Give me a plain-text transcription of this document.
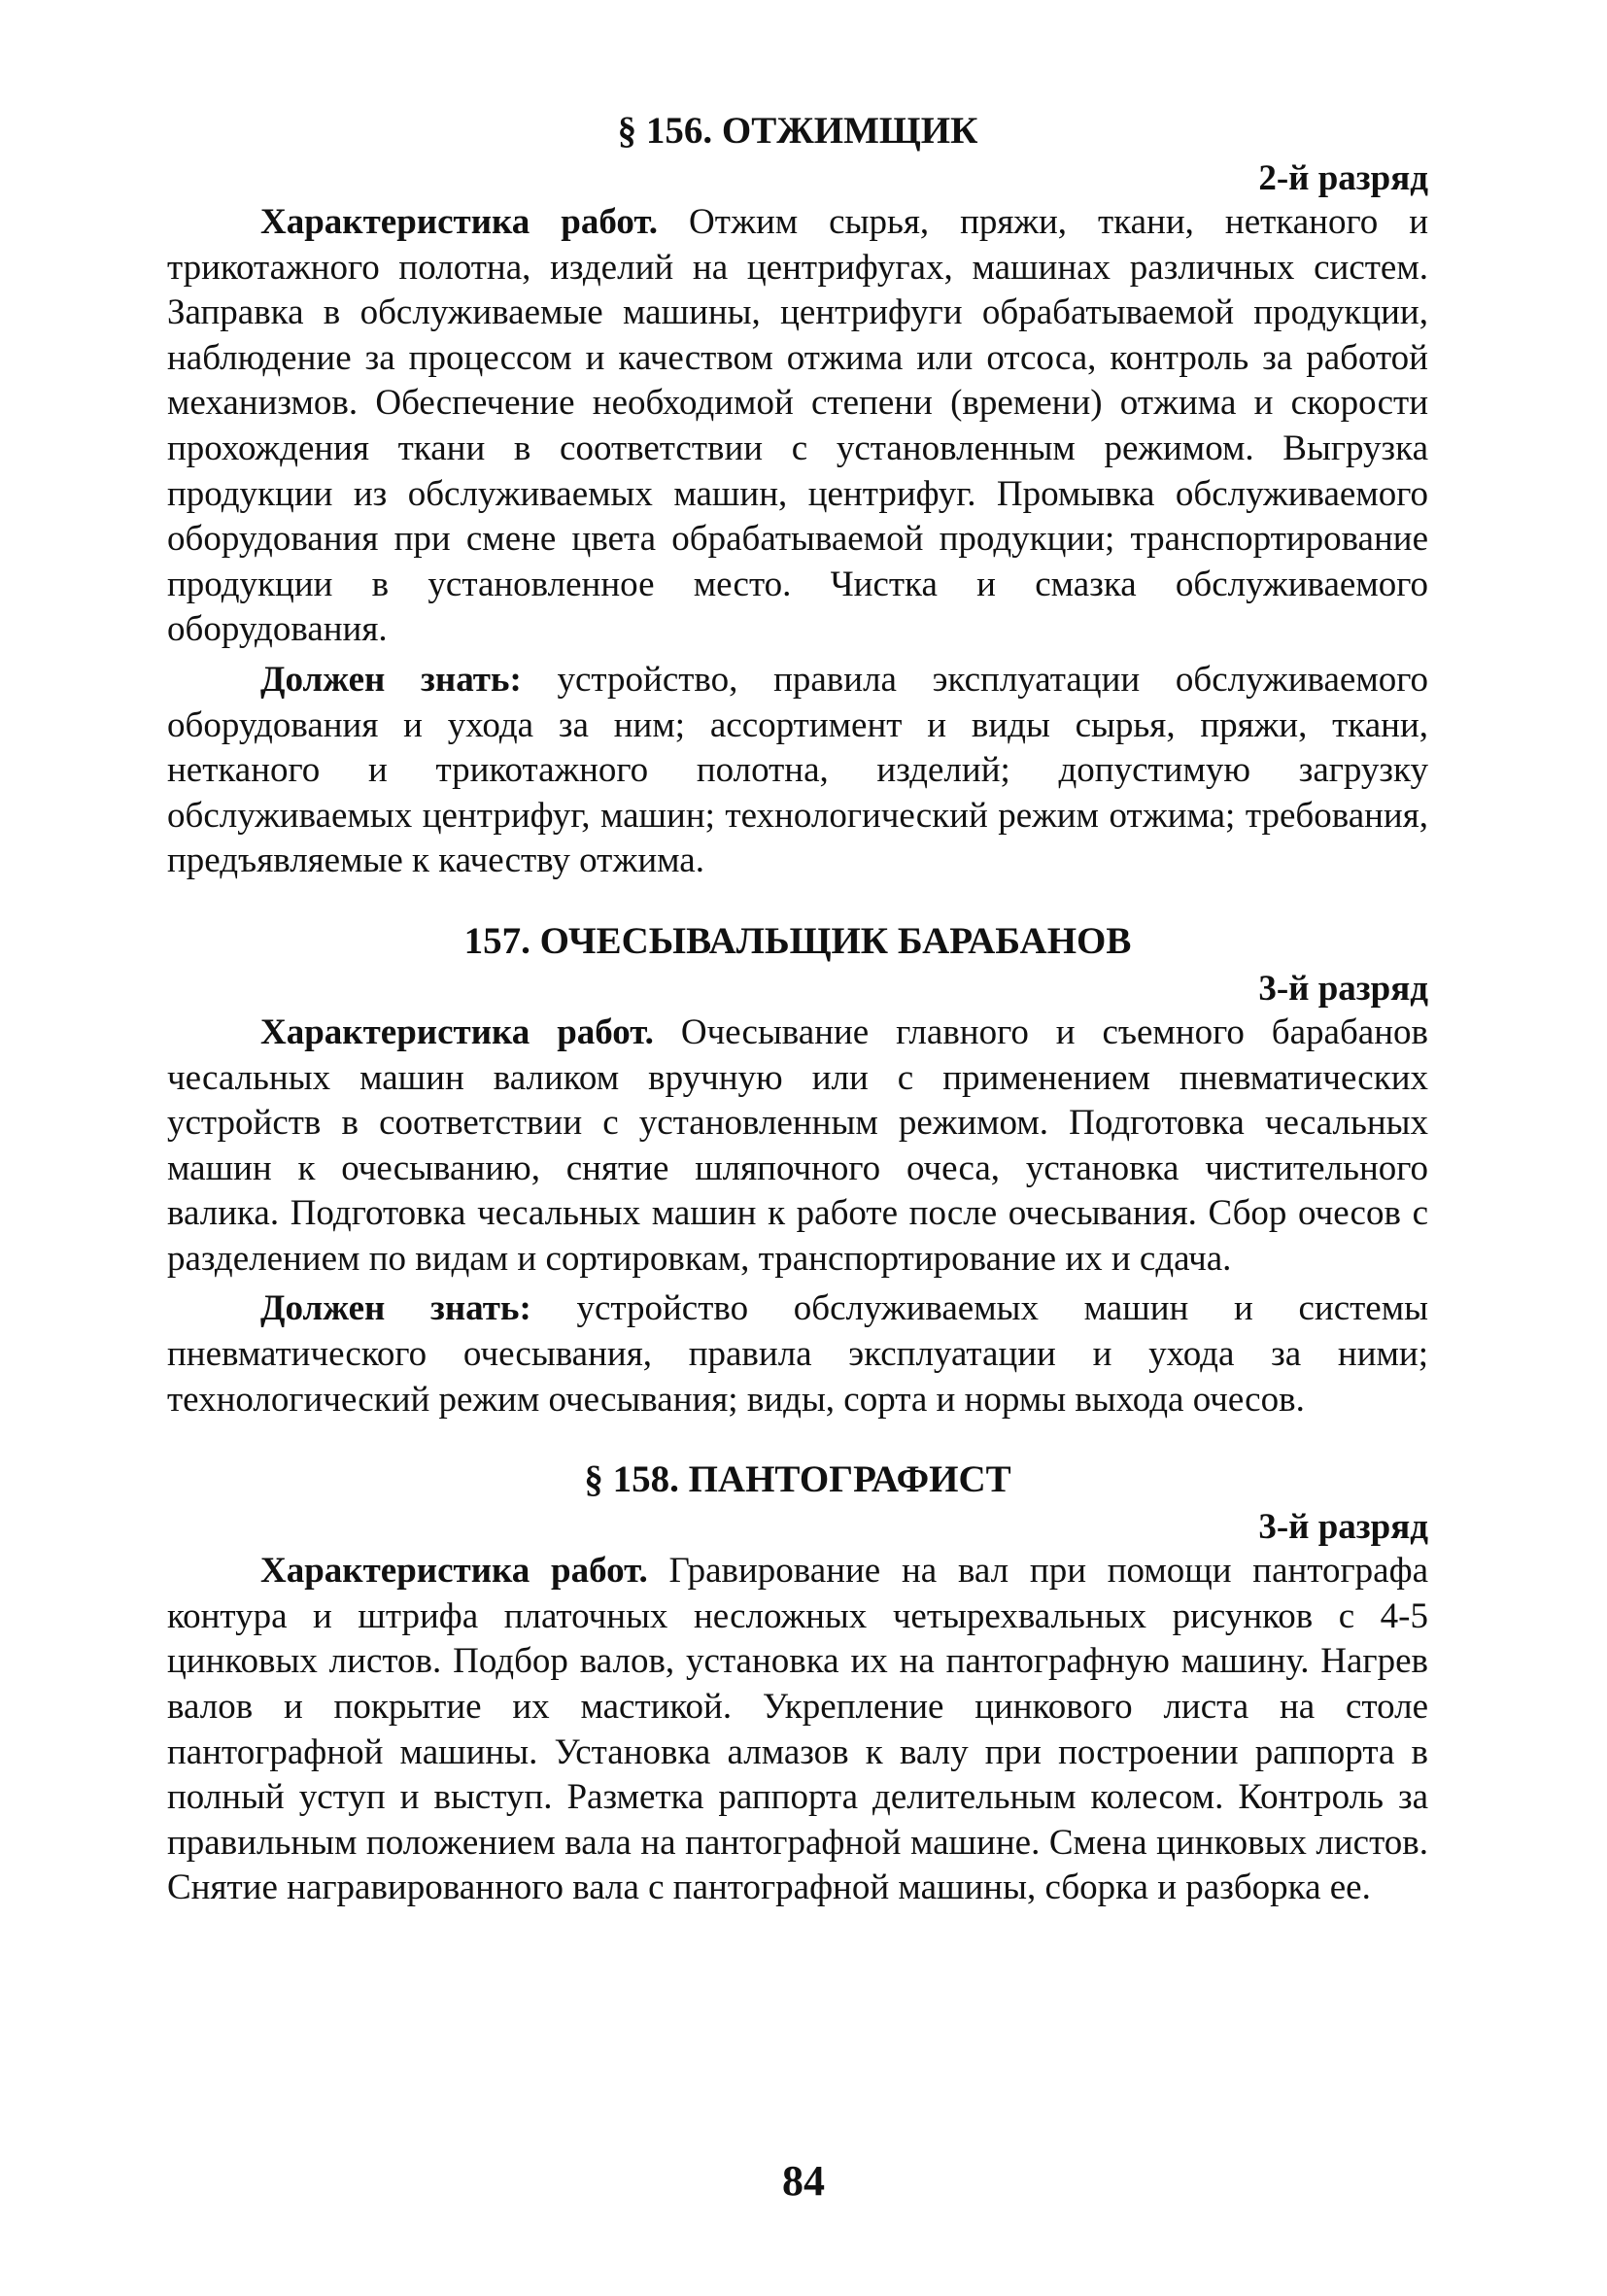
§ 156. ОТЖИМЩИК

2-й разряд

Характеристика работ. Отжим сырья, пряжи, ткани, нетканого и трикотажного полотна, изделий на центрифугах, машинах различных систем. Заправка в обслуживаемые машины, центрифуги обрабатываемой продукции, наблюдение за процессом и качеством отжима или отсоса, контроль за работой механизмов. Обеспечение необходимой степени (времени) отжима и скорости прохождения ткани в соответствии с установленным режимом. Выгрузка продукции из обслуживаемых машин, центрифуг. Промывка обслуживаемого оборудования при смене цвета обрабатываемой продукции; транспортирование продукции в установленное место. Чистка и смазка обслуживаемого оборудования.

Должен знать: устройство, правила эксплуатации обслуживаемого оборудования и ухода за ним; ассортимент и виды сырья, пряжи, ткани, нетканого и трикотажного полотна, изделий; допустимую загрузку обслуживаемых центрифуг, машин; технологический режим отжима; требования, предъявляемые к качеству отжима.

157. ОЧЕСЫВАЛЬЩИК БАРАБАНОВ

3-й разряд

Характеристика работ. Очесывание главного и съемного барабанов чесальных машин валиком вручную или с применением пневматических устройств в соответствии с установленным режимом. Подготовка чесальных машин к очесыванию, снятие шляпочного очеса, установка чистительного валика. Подготовка чесальных машин к работе после очесывания. Сбор очесов с разделением по видам и сортировкам, транспортирование их и сдача.

Должен знать: устройство обслуживаемых машин и системы пневматического очесывания, правила эксплуатации и ухода за ними; технологический режим очесывания; виды, сорта и нормы выхода очесов.

§ 158. ПАНТОГРАФИСТ

3-й разряд

Характеристика работ. Гравирование на вал при помощи пантографа контура и штрифа платочных несложных четырехвальных рисунков с 4-5 цинковых листов. Подбор валов, установка их на пантографную машину. Нагрев валов и покрытие их мастикой. Укрепление цинкового листа на столе пантографной машины. Установка алмазов к валу при построении раппорта в полный уступ и выступ. Разметка раппорта делительным колесом. Контроль за правильным положением вала на пантографной машине. Смена цинковых листов. Снятие награвированного вала с пантографной машины, сборка и разборка ее.

84
